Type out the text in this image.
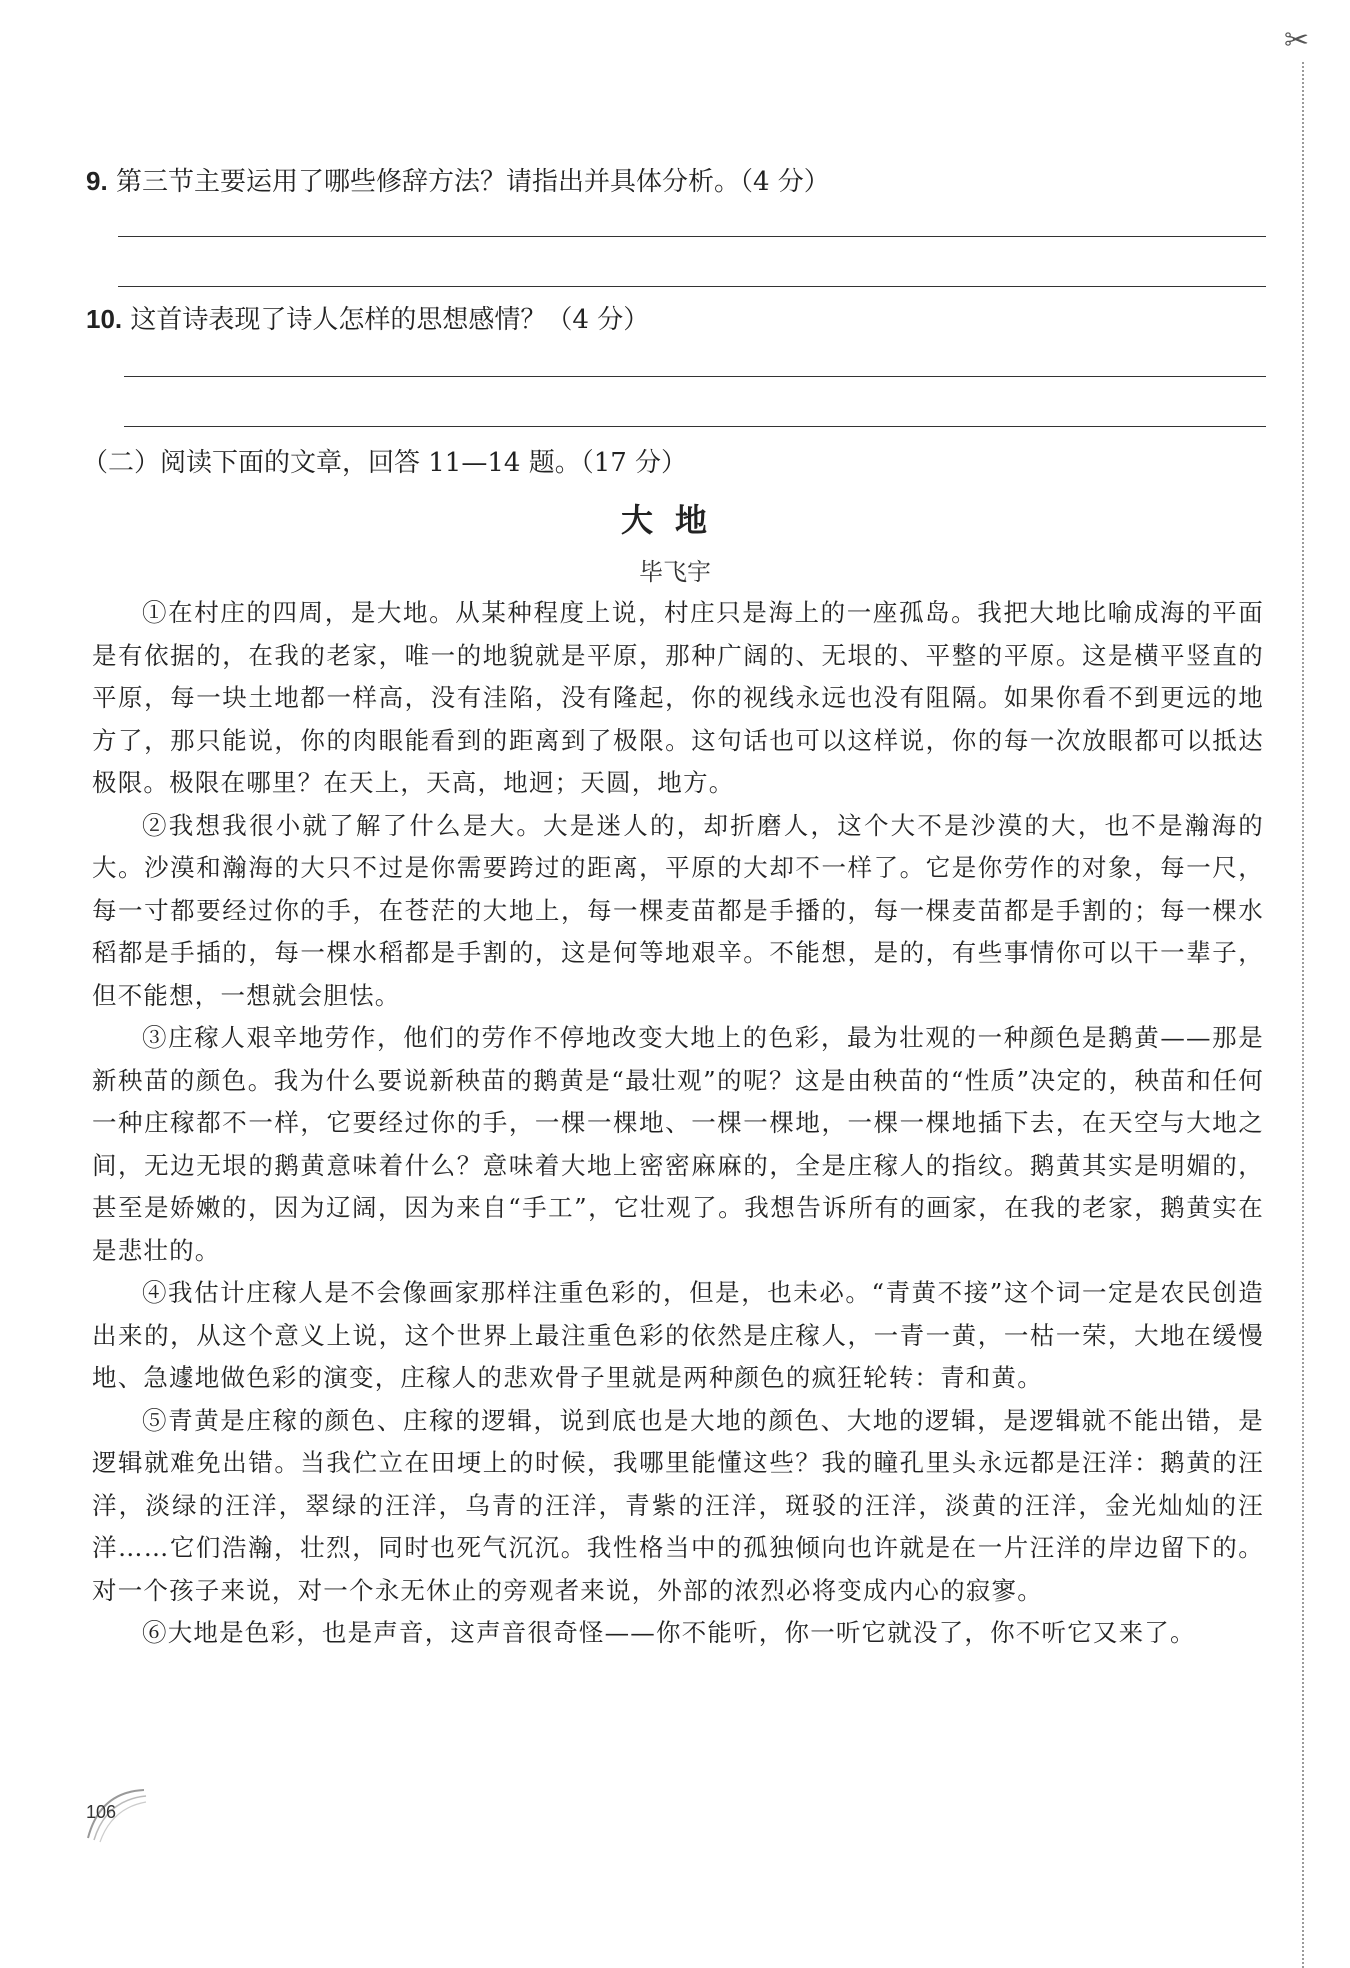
✂
9. 第三节主要运用了哪些修辞方法？请指出并具体分析。（4 分）
10. 这首诗表现了诗人怎样的思想感情？（4 分）
（二）阅读下面的文章，回答 11—14 题。（17 分）
大地
毕飞宇

①在村庄的四周，是大地。从某种程度上说，村庄只是海上的一座孤岛。我把大地比喻成海的平面是有依据的，在我的老家，唯一的地貌就是平原，那种广阔的、无垠的、平整的平原。这是横平竖直的平原，每一块土地都一样高，没有洼陷，没有隆起，你的视线永远也没有阻隔。如果你看不到更远的地方了，那只能说，你的肉眼能看到的距离到了极限。这句话也可以这样说，你的每一次放眼都可以抵达极限。极限在哪里？在天上，天高，地迥；天圆，地方。

②我想我很小就了解了什么是大。大是迷人的，却折磨人，这个大不是沙漠的大，也不是瀚海的大。沙漠和瀚海的大只不过是你需要跨过的距离，平原的大却不一样了。它是你劳作的对象，每一尺，每一寸都要经过你的手，在苍茫的大地上，每一棵麦苗都是手播的，每一棵麦苗都是手割的；每一棵水稻都是手插的，每一棵水稻都是手割的，这是何等地艰辛。不能想，是的，有些事情你可以干一辈子，但不能想，一想就会胆怯。

③庄稼人艰辛地劳作，他们的劳作不停地改变大地上的色彩，最为壮观的一种颜色是鹅黄——那是新秧苗的颜色。我为什么要说新秧苗的鹅黄是“最壮观”的呢？这是由秧苗的“性质”决定的，秧苗和任何一种庄稼都不一样，它要经过你的手，一棵一棵地、一棵一棵地，一棵一棵地插下去，在天空与大地之间，无边无垠的鹅黄意味着什么？意味着大地上密密麻麻的，全是庄稼人的指纹。鹅黄其实是明媚的，甚至是娇嫩的，因为辽阔，因为来自“手工”，它壮观了。我想告诉所有的画家，在我的老家，鹅黄实在是悲壮的。

④我估计庄稼人是不会像画家那样注重色彩的，但是，也未必。“青黄不接”这个词一定是农民创造出来的，从这个意义上说，这个世界上最注重色彩的依然是庄稼人，一青一黄，一枯一荣，大地在缓慢地、急遽地做色彩的演变，庄稼人的悲欢骨子里就是两种颜色的疯狂轮转：青和黄。

⑤青黄是庄稼的颜色、庄稼的逻辑，说到底也是大地的颜色、大地的逻辑，是逻辑就不能出错，是逻辑就难免出错。当我伫立在田埂上的时候，我哪里能懂这些？我的瞳孔里头永远都是汪洋：鹅黄的汪洋，淡绿的汪洋，翠绿的汪洋，乌青的汪洋，青紫的汪洋，斑驳的汪洋，淡黄的汪洋，金光灿灿的汪洋……它们浩瀚，壮烈，同时也死气沉沉。我性格当中的孤独倾向也许就是在一片汪洋的岸边留下的。对一个孩子来说，对一个永无休止的旁观者来说，外部的浓烈必将变成内心的寂寥。

⑥大地是色彩，也是声音，这声音很奇怪——你不能听，你一听它就没了，你不听它又来了。

106
